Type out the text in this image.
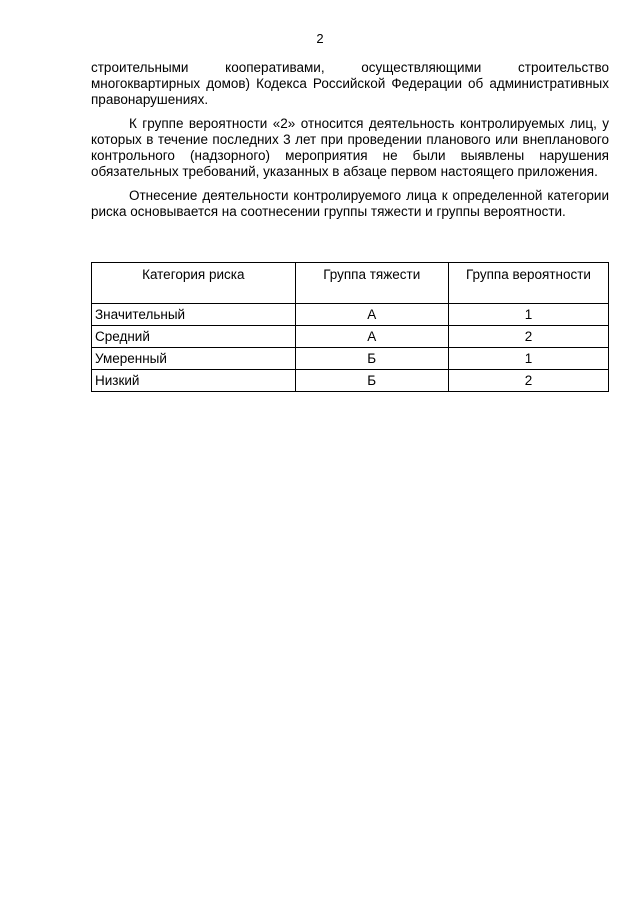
2

строительными кооперативами, осуществляющими строительство многоквартирных домов) Кодекса Российской Федерации об административных правонарушениях.

К группе вероятности «2» относится деятельность контролируемых лиц, у которых в течение последних 3 лет при проведении планового или внепланового контрольного (надзорного) мероприятия не были выявлены нарушения обязательных требований, указанных в абзаце первом настоящего приложения.

Отнесение деятельности контролируемого лица к определенной категории риска основывается на соотнесении группы тяжести и группы вероятности.

Категория риска	Группа тяжести	Группа вероятности
Значительный	А	1
Средний	А	2
Умеренный	Б	1
Низкий	Б	2
